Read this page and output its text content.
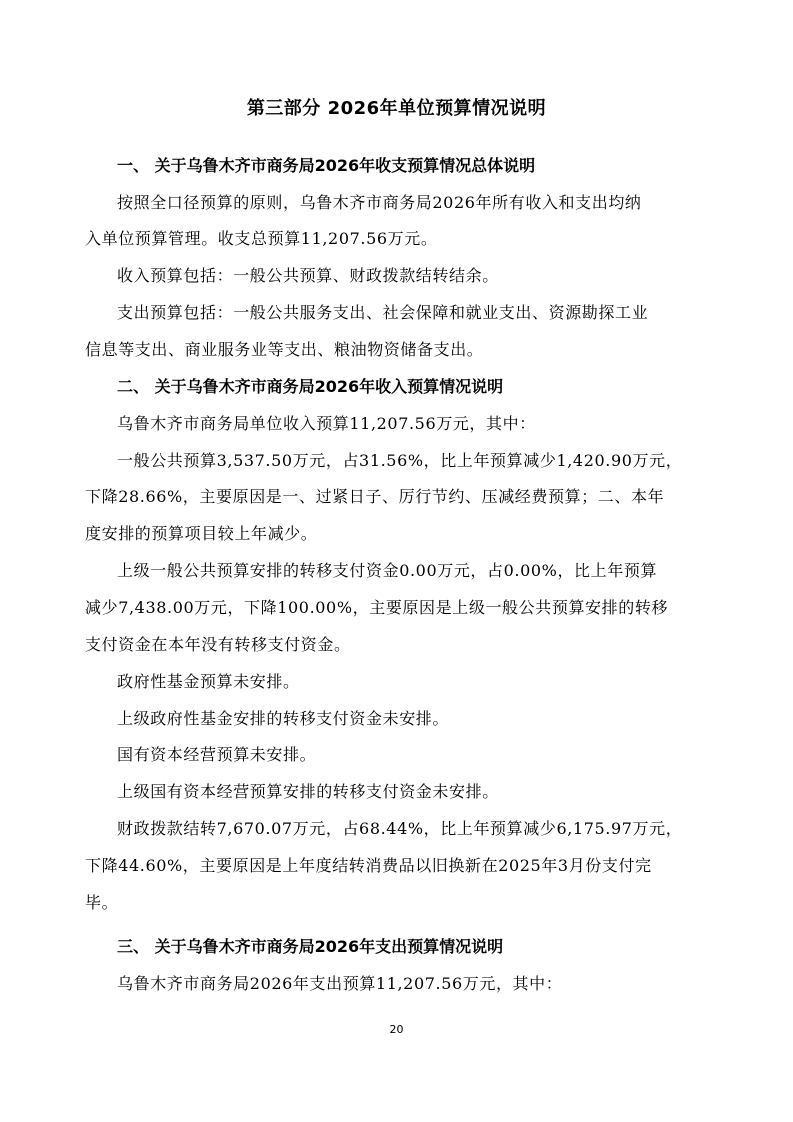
第三部分 2026年单位预算情况说明
一、 关于乌鲁木齐市商务局2026年收支预算情况总体说明
按照全口径预算的原则，乌鲁木齐市商务局2026年所有收入和支出均纳
入单位预算管理。收支总预算11,207.56万元。
收入预算包括：一般公共预算、财政拨款结转结余。
支出预算包括：一般公共服务支出、社会保障和就业支出、资源勘探工业
信息等支出、商业服务业等支出、粮油物资储备支出。
二、 关于乌鲁木齐市商务局2026年收入预算情况说明
乌鲁木齐市商务局单位收入预算11,207.56万元，其中：
一般公共预算3,537.50万元，占31.56%，比上年预算减少1,420.90万元，
下降28.66%，主要原因是一、过紧日子、厉行节约、压减经费预算；二、本年
度安排的预算项目较上年减少。
上级一般公共预算安排的转移支付资金0.00万元，占0.00%，比上年预算
减少7,438.00万元，下降100.00%，主要原因是上级一般公共预算安排的转移
支付资金在本年没有转移支付资金。
政府性基金预算未安排。
上级政府性基金安排的转移支付资金未安排。
国有资本经营预算未安排。
上级国有资本经营预算安排的转移支付资金未安排。
财政拨款结转7,670.07万元，占68.44%，比上年预算减少6,175.97万元，
下降44.60%，主要原因是上年度结转消费品以旧换新在2025年3月份支付完
毕。
三、 关于乌鲁木齐市商务局2026年支出预算情况说明
乌鲁木齐市商务局2026年支出预算11,207.56万元，其中：
20
